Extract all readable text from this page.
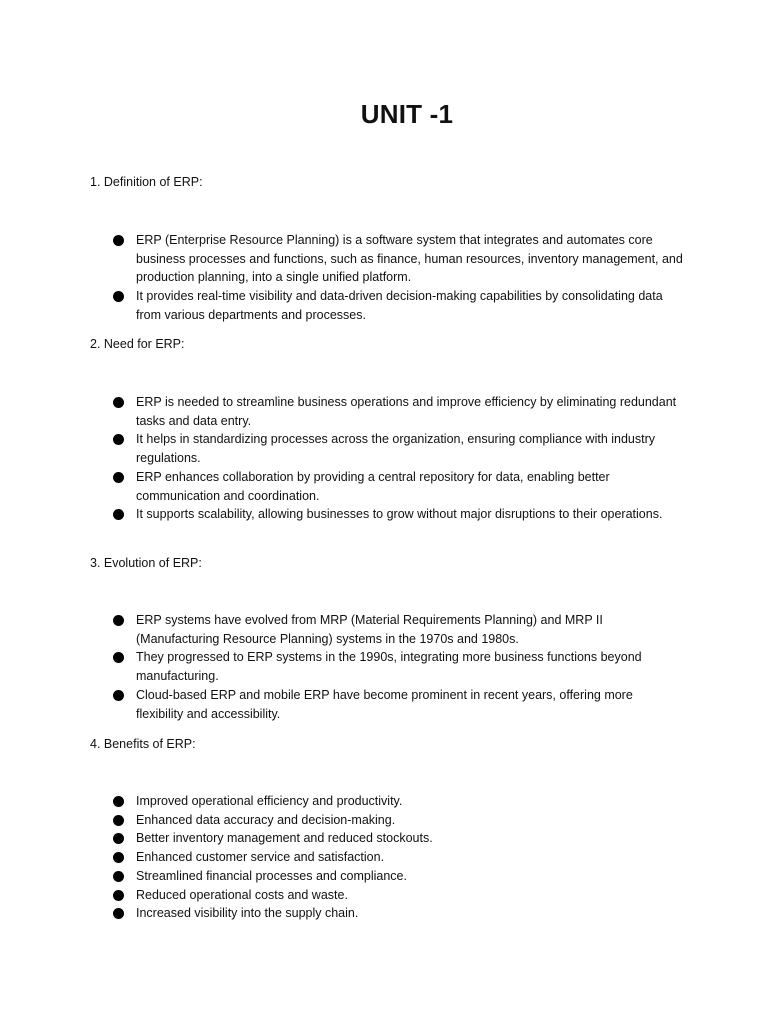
UNIT -1
1. Definition of ERP:
ERP (Enterprise Resource Planning) is a software system that integrates and automates core business processes and functions, such as finance, human resources, inventory management, and production planning, into a single unified platform.
It provides real-time visibility and data-driven decision-making capabilities by consolidating data from various departments and processes.
2. Need for ERP:
ERP is needed to streamline business operations and improve efficiency by eliminating redundant tasks and data entry.
It helps in standardizing processes across the organization, ensuring compliance with industry regulations.
ERP enhances collaboration by providing a central repository for data, enabling better communication and coordination.
It supports scalability, allowing businesses to grow without major disruptions to their operations.
3. Evolution of ERP:
ERP systems have evolved from MRP (Material Requirements Planning) and MRP II (Manufacturing Resource Planning) systems in the 1970s and 1980s.
They progressed to ERP systems in the 1990s, integrating more business functions beyond manufacturing.
Cloud-based ERP and mobile ERP have become prominent in recent years, offering more flexibility and accessibility.
4. Benefits of ERP:
Improved operational efficiency and productivity.
Enhanced data accuracy and decision-making.
Better inventory management and reduced stockouts.
Enhanced customer service and satisfaction.
Streamlined financial processes and compliance.
Reduced operational costs and waste.
Increased visibility into the supply chain.
